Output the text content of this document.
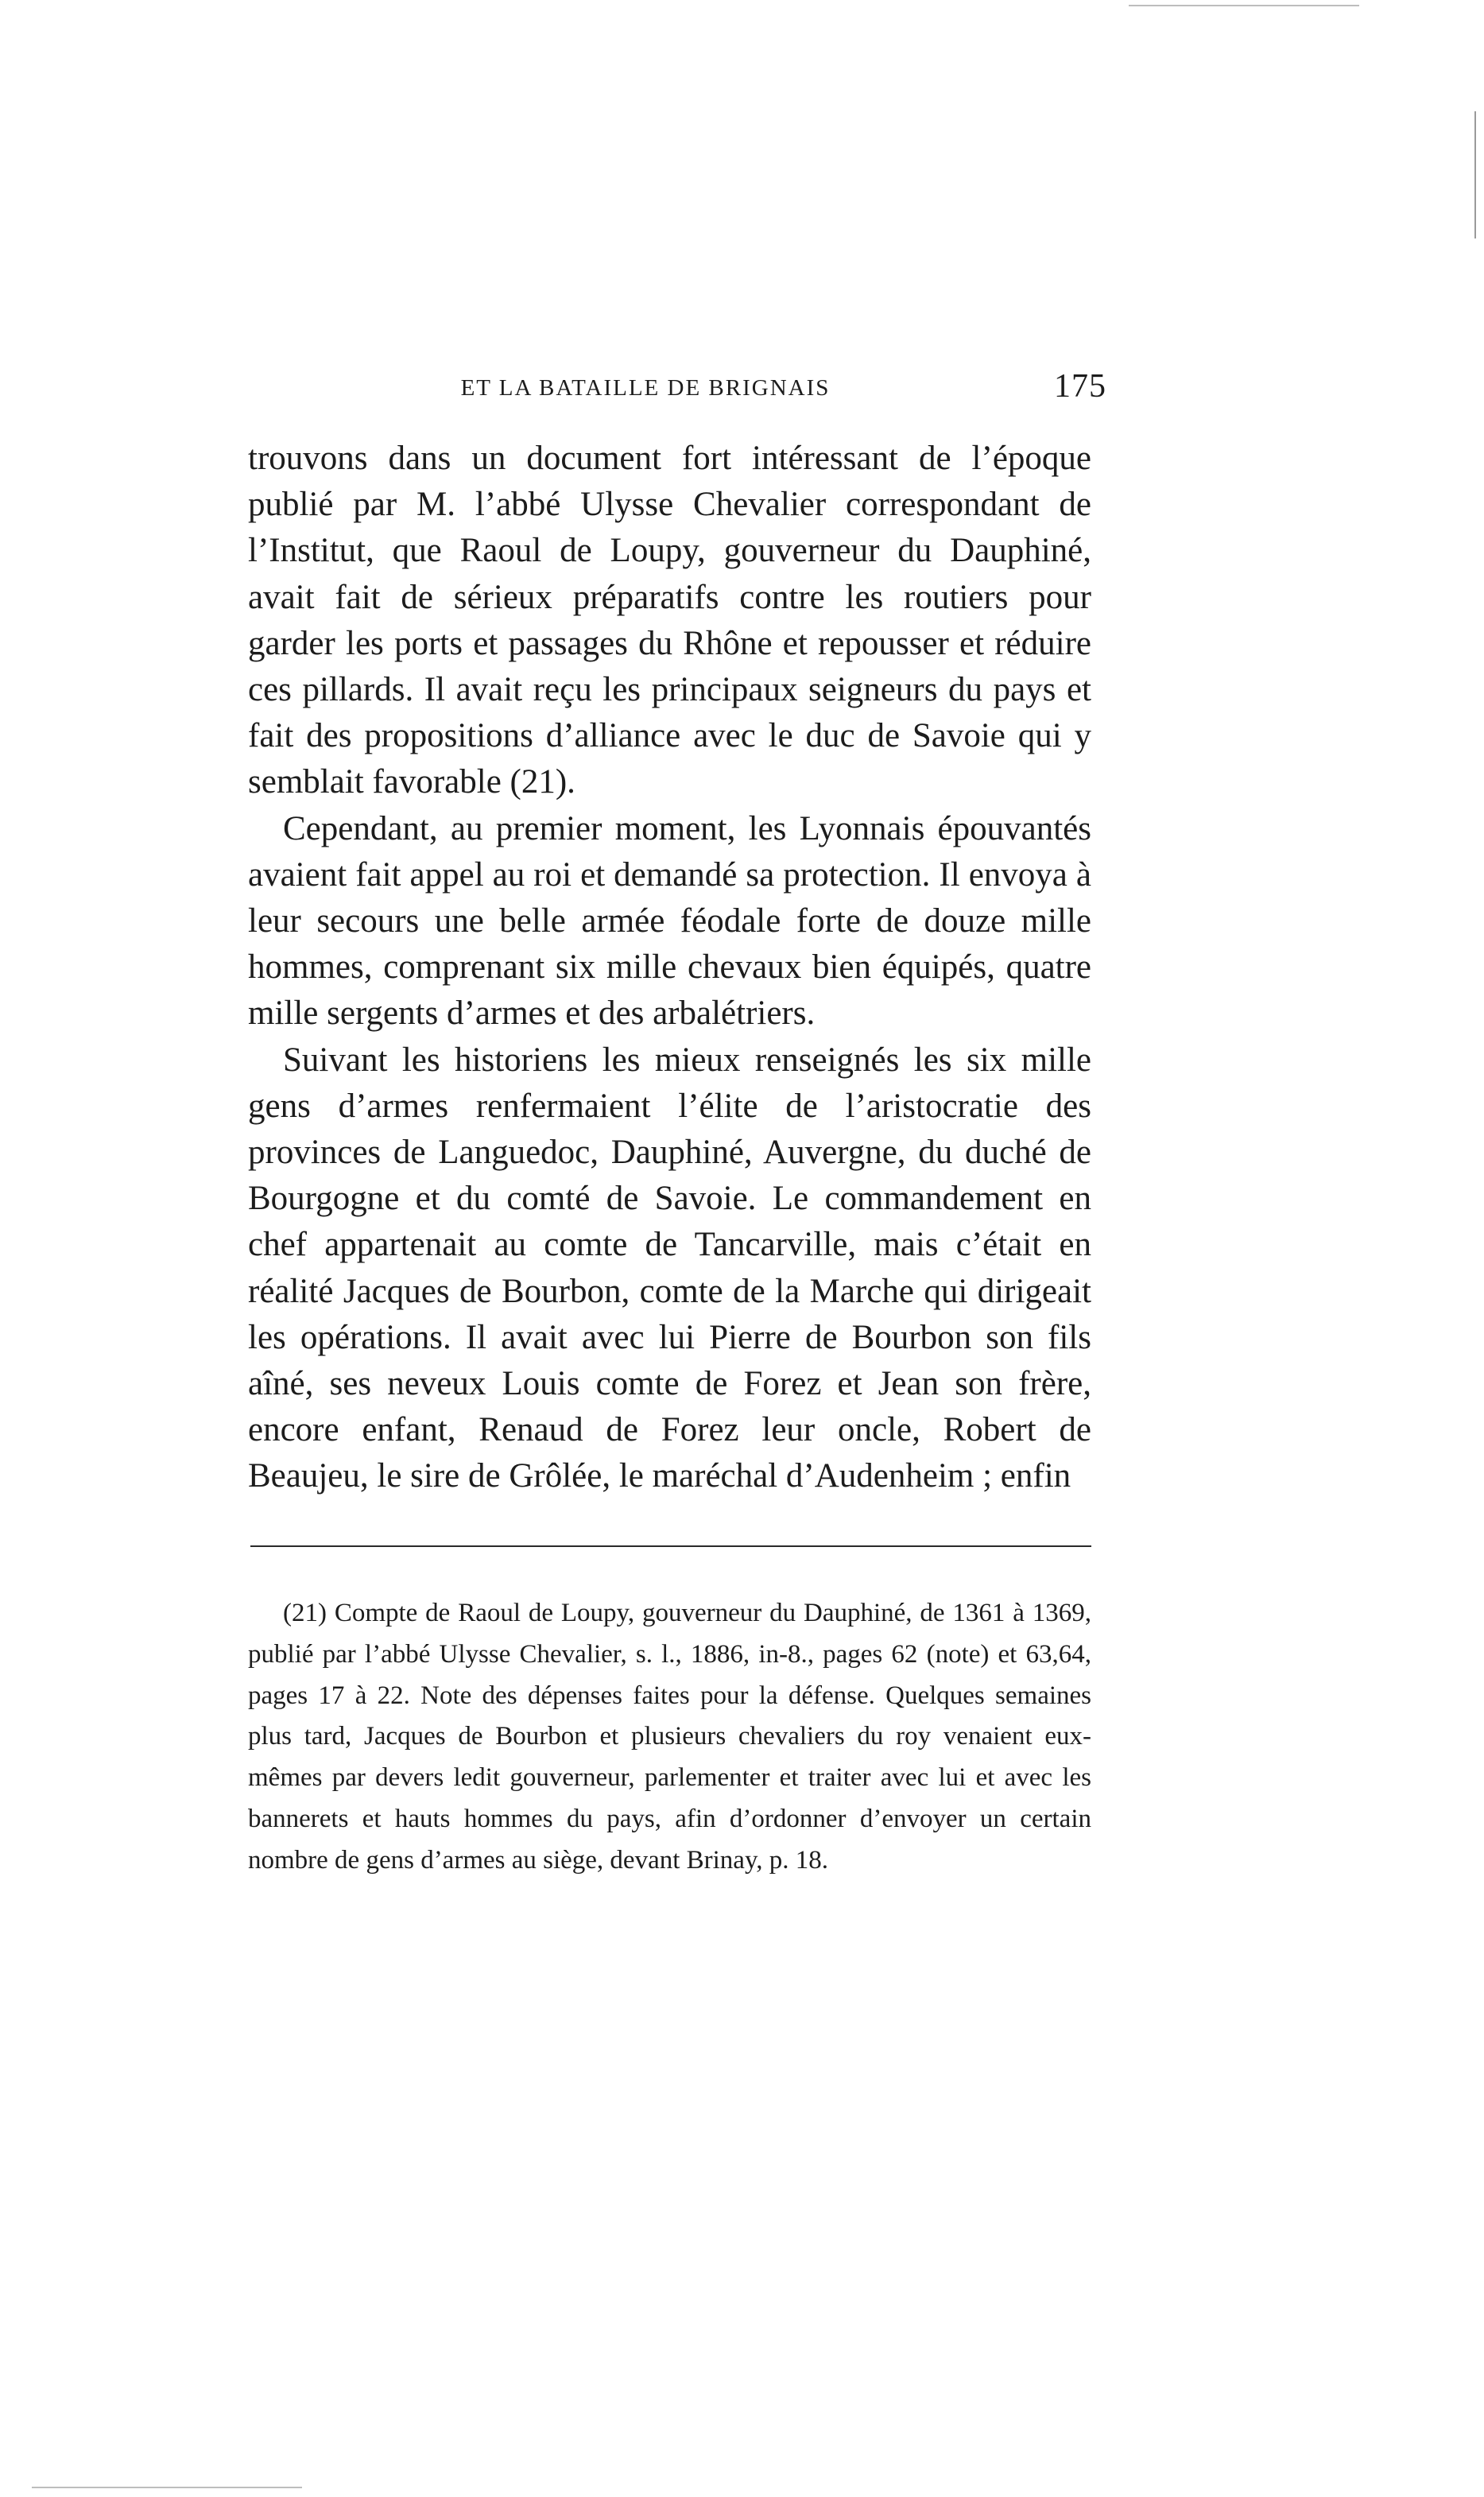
ET LA BATAILLE DE BRIGNAIS	175

trouvons dans un document fort intéressant de l’époque publié par M. l’abbé Ulysse Chevalier correspondant de l’Institut, que Raoul de Loupy, gouverneur du Dauphiné, avait fait de sérieux préparatifs contre les routiers pour garder les ports et passages du Rhône et repousser et réduire ces pillards. Il avait reçu les principaux seigneurs du pays et fait des propositions d’alliance avec le duc de Savoie qui y semblait favorable (21).

Cependant, au premier moment, les Lyonnais épouvantés avaient fait appel au roi et demandé sa protection. Il envoya à leur secours une belle armée féodale forte de douze mille hommes, comprenant six mille chevaux bien équipés, quatre mille sergents d’armes et des arbalétriers.

Suivant les historiens les mieux renseignés les six mille gens d’armes renfermaient l’élite de l’aristocratie des provinces de Languedoc, Dauphiné, Auvergne, du duché de Bourgogne et du comté de Savoie. Le commandement en chef appartenait au comte de Tancarville, mais c’était en réalité Jacques de Bourbon, comte de la Marche qui dirigeait les opérations. Il avait avec lui Pierre de Bourbon son fils aîné, ses neveux Louis comte de Forez et Jean son frère, encore enfant, Renaud de Forez leur oncle, Robert de Beaujeu, le sire de Grôlée, le maréchal d’Audenheim ; enfin

(21) Compte de Raoul de Loupy, gouverneur du Dauphiné, de 1361 à 1369, publié par l’abbé Ulysse Chevalier, s. l., 1886, in-8., pages 62 (note) et 63,64, pages 17 à 22. Note des dépenses faites pour la défense. Quelques semaines plus tard, Jacques de Bourbon et plusieurs chevaliers du roy venaient eux-mêmes par devers ledit gouverneur, parlementer et traiter avec lui et avec les bannerets et hauts hommes du pays, afin d’ordonner d’envoyer un certain nombre de gens d’armes au siège, devant Brinay, p. 18.
